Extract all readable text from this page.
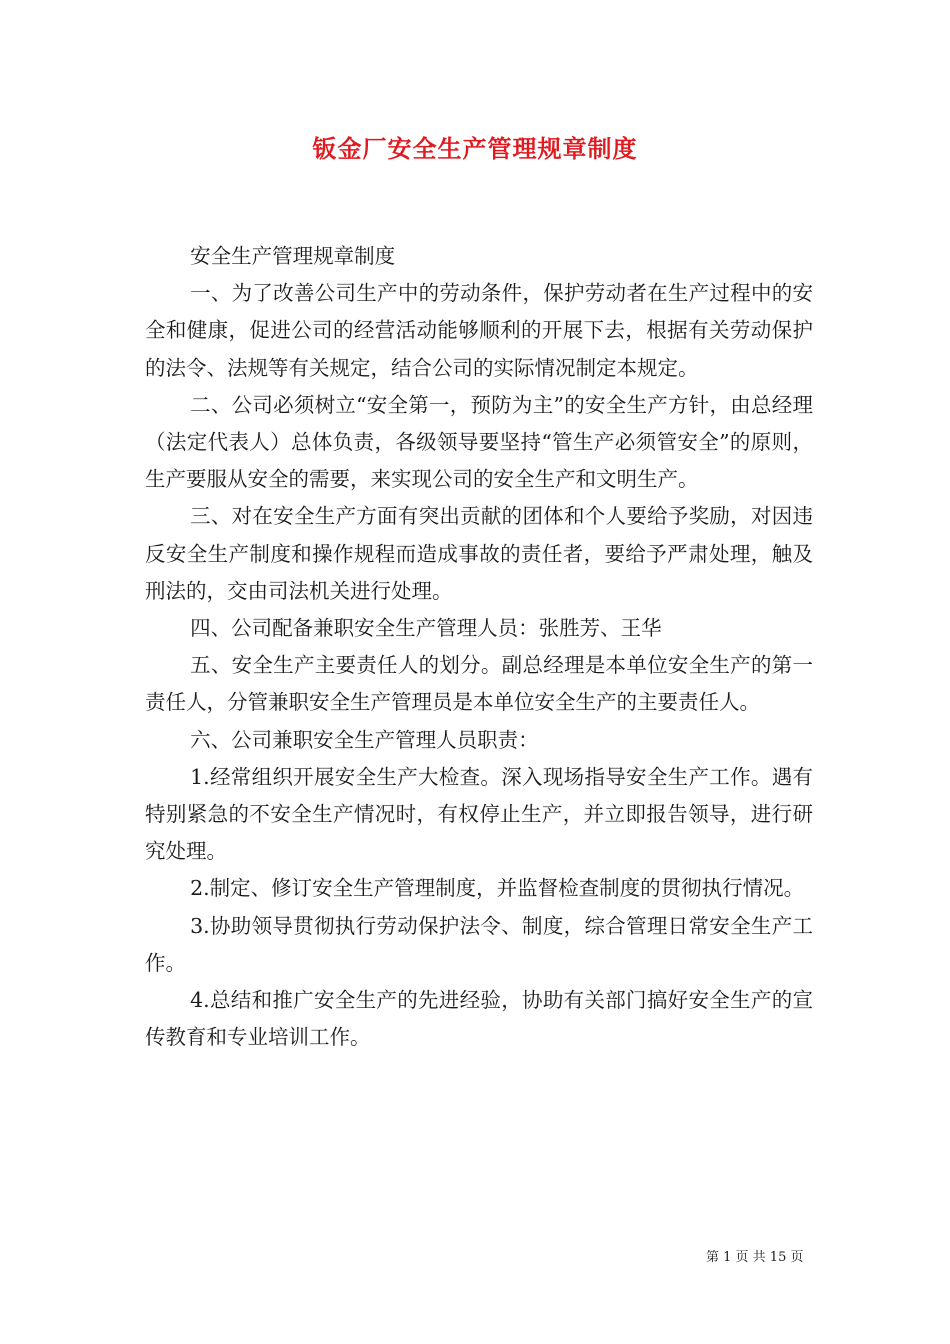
钣金厂安全生产管理规章制度

安全生产管理规章制度

一、为了改善公司生产中的劳动条件，保护劳动者在生产过程中的安全和健康，促进公司的经营活动能够顺利的开展下去，根据有关劳动保护的法令、法规等有关规定，结合公司的实际情况制定本规定。

二、公司必须树立“安全第一，预防为主”的安全生产方针，由总经理（法定代表人）总体负责，各级领导要坚持“管生产必须管安全”的原则，生产要服从安全的需要，来实现公司的安全生产和文明生产。

三、对在安全生产方面有突出贡献的团体和个人要给予奖励，对因违反安全生产制度和操作规程而造成事故的责任者，要给予严肃处理，触及刑法的，交由司法机关进行处理。

四、公司配备兼职安全生产管理人员：张胜芳、王华

五、安全生产主要责任人的划分。副总经理是本单位安全生产的第一责任人，分管兼职安全生产管理员是本单位安全生产的主要责任人。

六、公司兼职安全生产管理人员职责：

1.经常组织开展安全生产大检查。深入现场指导安全生产工作。遇有特别紧急的不安全生产情况时，有权停止生产，并立即报告领导，进行研究处理。

2.制定、修订安全生产管理制度，并监督检查制度的贯彻执行情况。

3.协助领导贯彻执行劳动保护法令、制度，综合管理日常安全生产工作。

4.总结和推广安全生产的先进经验，协助有关部门搞好安全生产的宣传教育和专业培训工作。

第 1 页 共 15 页
